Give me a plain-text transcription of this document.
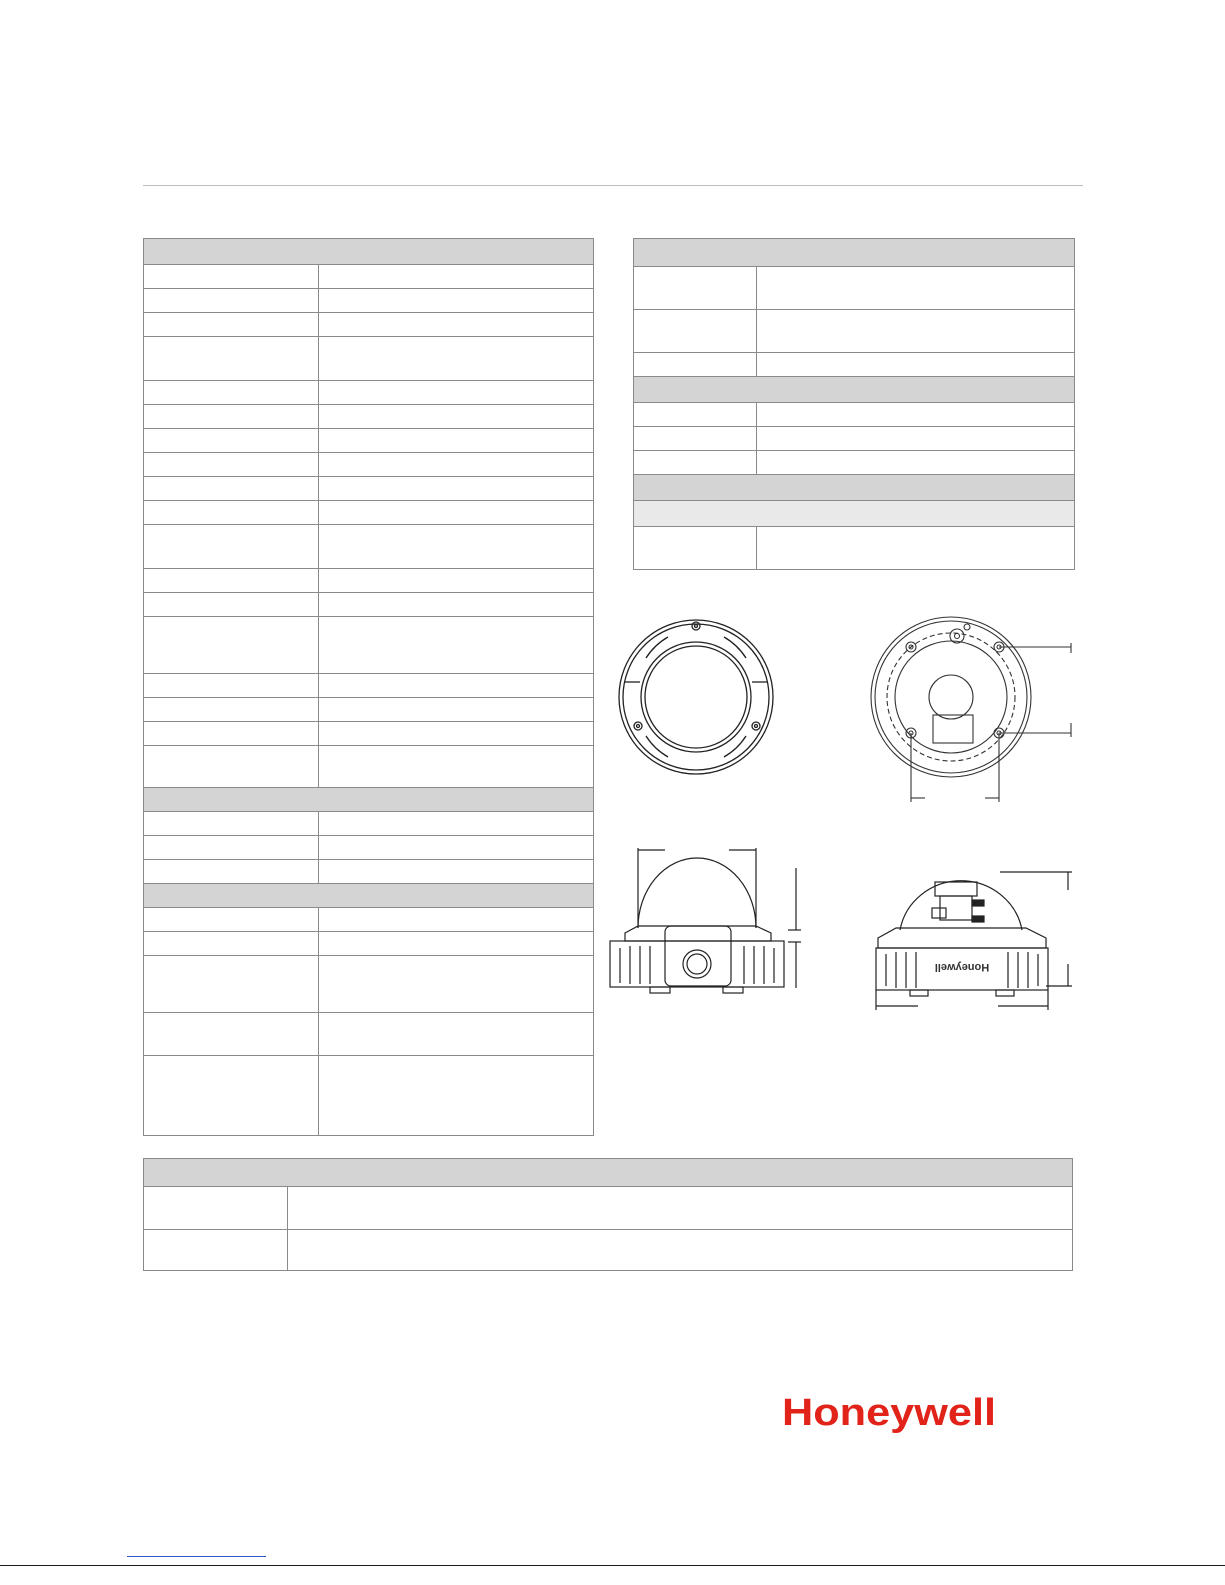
Honeywell
Honeywell
